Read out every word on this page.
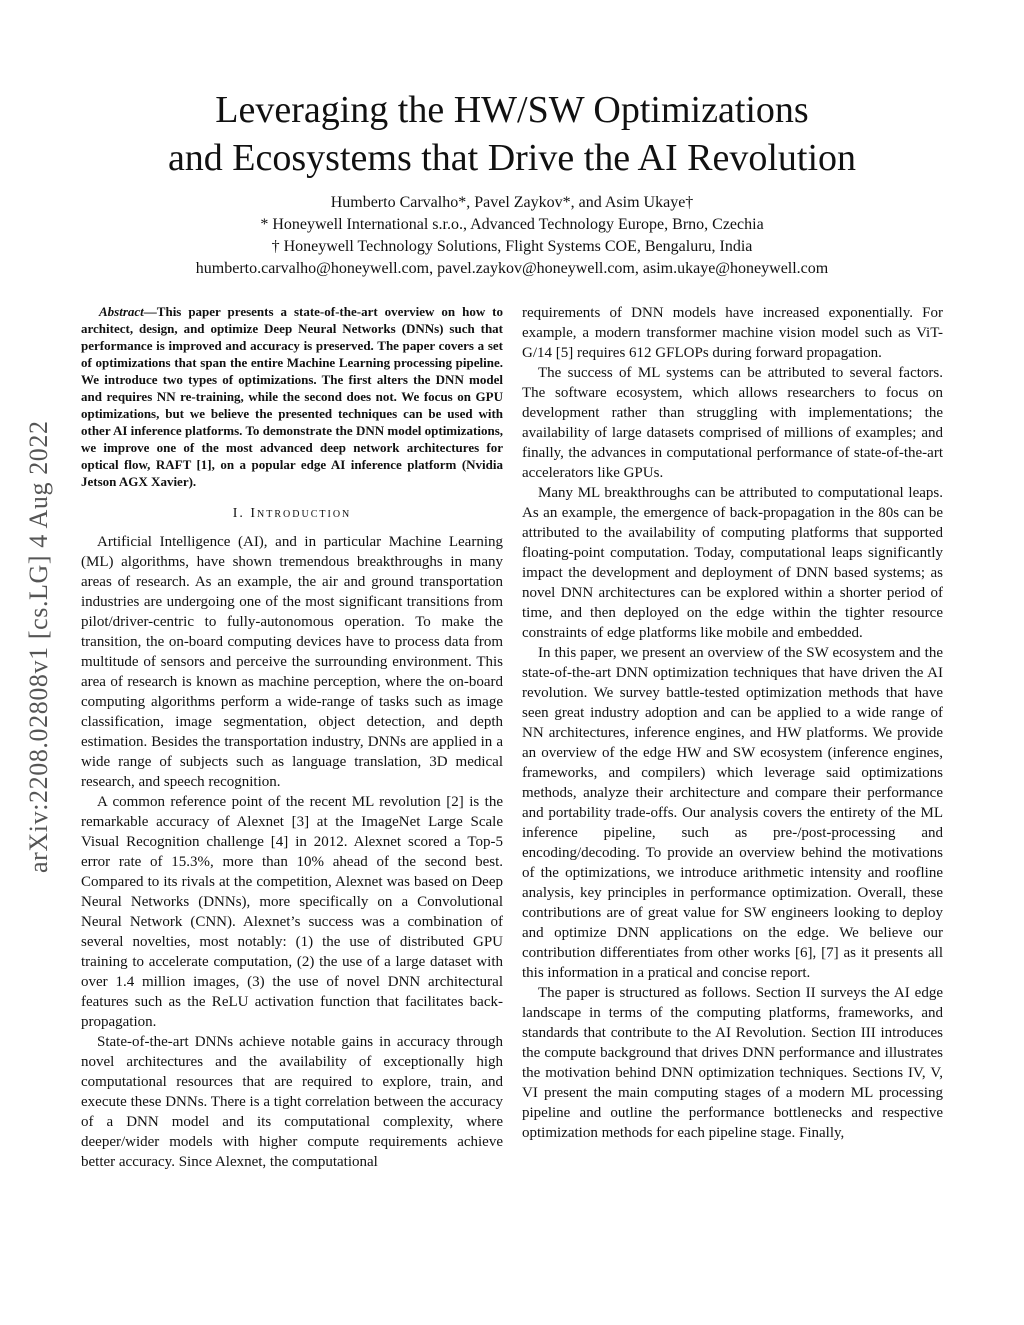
arXiv:2208.02808v1 [cs.LG] 4 Aug 2022
Leveraging the HW/SW Optimizations
and Ecosystems that Drive the AI Revolution
Humberto Carvalho*, Pavel Zaykov*, and Asim Ukaye†
* Honeywell International s.r.o., Advanced Technology Europe, Brno, Czechia
† Honeywell Technology Solutions, Flight Systems COE, Bengaluru, India
humberto.carvalho@honeywell.com, pavel.zaykov@honeywell.com, asim.ukaye@honeywell.com

Abstract—This paper presents a state-of-the-art overview on how to architect, design, and optimize Deep Neural Networks (DNNs) such that performance is improved and accuracy is preserved. The paper covers a set of optimizations that span the entire Machine Learning processing pipeline. We introduce two types of optimizations. The first alters the DNN model and requires NN re-training, while the second does not. We focus on GPU optimizations, but we believe the presented techniques can be used with other AI inference platforms. To demonstrate the DNN model optimizations, we improve one of the most advanced deep network architectures for optical flow, RAFT [1], on a popular edge AI inference platform (Nvidia Jetson AGX Xavier).

I. Introduction

Artificial Intelligence (AI), and in particular Machine Learning (ML) algorithms, have shown tremendous breakthroughs in many areas of research. As an example, the air and ground transportation industries are undergoing one of the most significant transitions from pilot/driver-centric to fully-autonomous operation. To make the transition, the on-board computing devices have to process data from multitude of sensors and perceive the surrounding environment. This area of research is known as machine perception, where the on-board computing algorithms perform a wide-range of tasks such as image classification, image segmentation, object detection, and depth estimation. Besides the transportation industry, DNNs are applied in a wide range of subjects such as language translation, 3D medical research, and speech recognition.

A common reference point of the recent ML revolution [2] is the remarkable accuracy of Alexnet [3] at the ImageNet Large Scale Visual Recognition challenge [4] in 2012. Alexnet scored a Top-5 error rate of 15.3%, more than 10% ahead of the second best. Compared to its rivals at the competition, Alexnet was based on Deep Neural Networks (DNNs), more specifically on a Convolutional Neural Network (CNN). Alexnet’s success was a combination of several novelties, most notably: (1) the use of distributed GPU training to accelerate computation, (2) the use of a large dataset with over 1.4 million images, (3) the use of novel DNN architectural features such as the ReLU activation function that facilitates back-propagation.

State-of-the-art DNNs achieve notable gains in accuracy through novel architectures and the availability of exceptionally high computational resources that are required to explore, train, and execute these DNNs. There is a tight correlation between the accuracy of a DNN model and its computational complexity, where deeper/wider models with higher compute requirements achieve better accuracy. Since Alexnet, the computational

requirements of DNN models have increased exponentially. For example, a modern transformer machine vision model such as ViT-G/14 [5] requires 612 GFLOPs during forward propagation.

The success of ML systems can be attributed to several factors. The software ecosystem, which allows researchers to focus on development rather than struggling with implementations; the availability of large datasets comprised of millions of examples; and finally, the advances in computational performance of state-of-the-art accelerators like GPUs.

Many ML breakthroughs can be attributed to computational leaps. As an example, the emergence of back-propagation in the 80s can be attributed to the availability of computing platforms that supported floating-point computation. Today, computational leaps significantly impact the development and deployment of DNN based systems; as novel DNN architectures can be explored within a shorter period of time, and then deployed on the edge within the tighter resource constraints of edge platforms like mobile and embedded.

In this paper, we present an overview of the SW ecosystem and the state-of-the-art DNN optimization techniques that have driven the AI revolution. We survey battle-tested optimization methods that have seen great industry adoption and can be applied to a wide range of NN architectures, inference engines, and HW platforms. We provide an overview of the edge HW and SW ecosystem (inference engines, frameworks, and compilers) which leverage said optimizations methods, analyze their architecture and compare their performance and portability trade-offs. Our analysis covers the entirety of the ML inference pipeline, such as pre-/post-processing and encoding/decoding. To provide an overview behind the motivations of the optimizations, we introduce arithmetic intensity and roofline analysis, key principles in performance optimization. Overall, these contributions are of great value for SW engineers looking to deploy and optimize DNN applications on the edge. We believe our contribution differentiates from other works [6], [7] as it presents all this information in a pratical and concise report.

The paper is structured as follows. Section II surveys the AI edge landscape in terms of the computing platforms, frameworks, and standards that contribute to the AI Revolution. Section III introduces the compute background that drives DNN performance and illustrates the motivation behind DNN optimization techniques. Sections IV, V, VI present the main computing stages of a modern ML processing pipeline and outline the performance bottlenecks and respective optimization methods for each pipeline stage. Finally,
